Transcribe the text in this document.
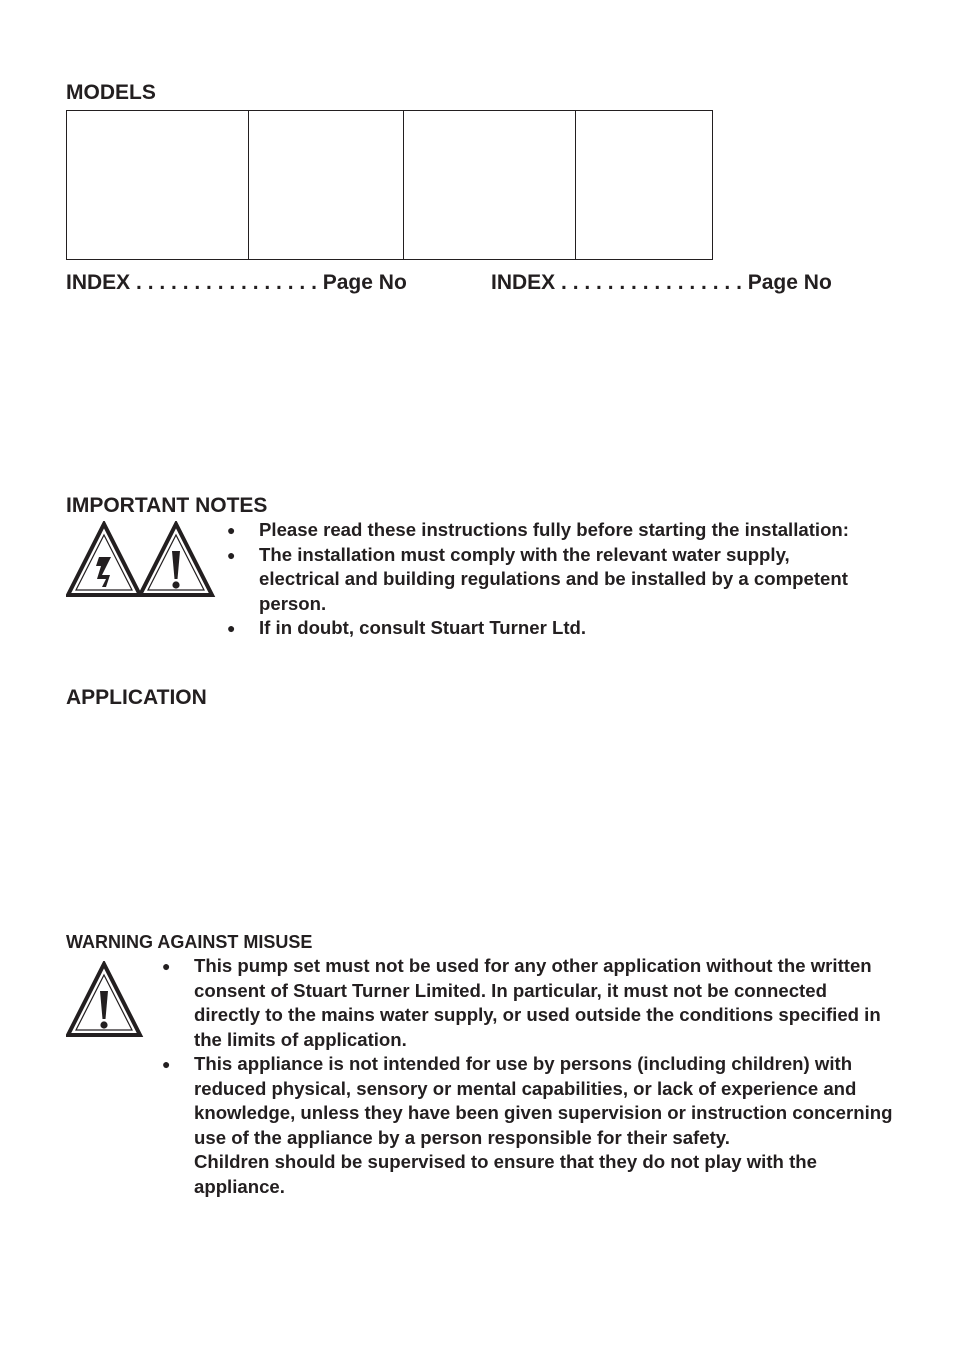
MODELS

INDEX . . . . . . . . . . . . . . . . Page No	INDEX . . . . . . . . . . . . . . . . Page No

IMPORTANT NOTES
● Please read these instructions fully before starting the installation:

● The installation must comply with the relevant water supply, electrical and building regulations and be installed by a competent person.

● If in doubt, consult Stuart Turner Ltd.

APPLICATION
WARNING AGAINST MISUSE
● This pump set must not be used for any other application without the written consent of Stuart Turner Limited. In particular, it must not be connected directly to the mains water supply, or used outside the conditions specified in the limits of application.

● This appliance is not intended for use by persons (including children) with reduced physical, sensory or mental capabilities, or lack of experience and knowledge, unless they have been given supervision or instruction concerning use of the appliance by a person responsible for their safety.

Children should be supervised to ensure that they do not play with the appliance.
